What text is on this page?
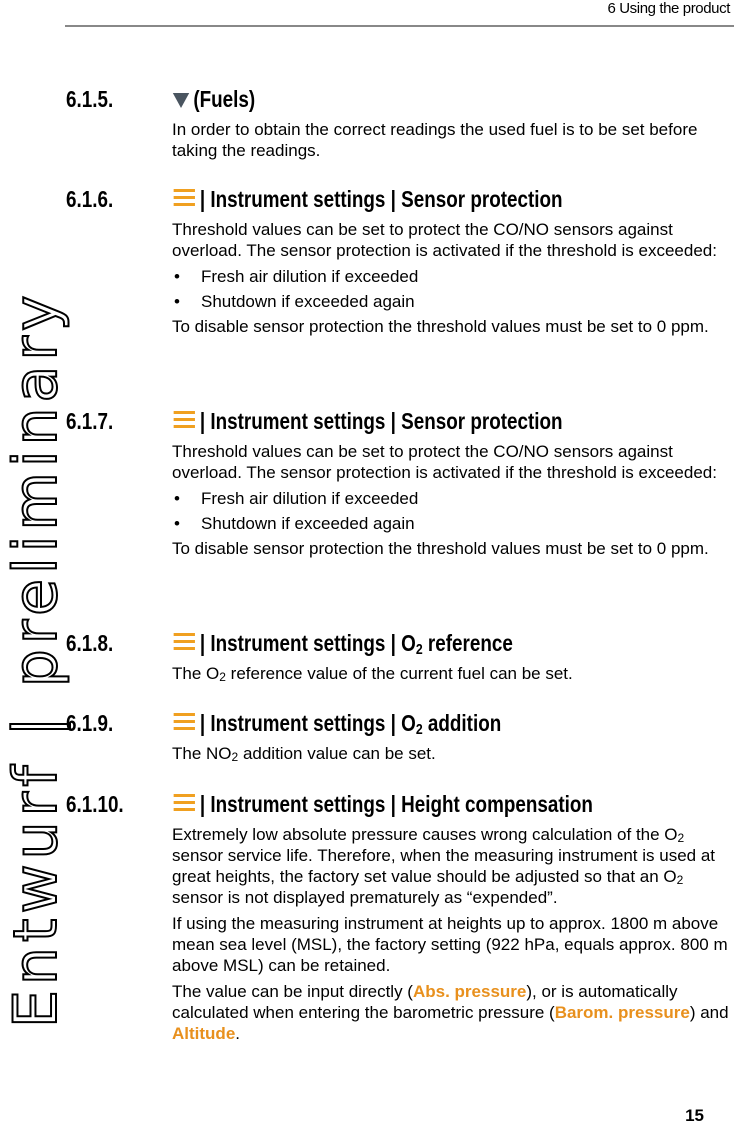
6 Using the product
Entwurf | preliminary
6.1.5.	(Fuels)

In order to obtain the correct readings the used fuel is to be set before taking the readings.

6.1.6.	| Instrument settings | Sensor protection

Threshold values can be set to protect the CO/NO sensors against overload. The sensor protection is activated if the threshold is exceeded:

• Fresh air dilution if exceeded
• Shutdown if exceeded again

To disable sensor protection the threshold values must be set to 0 ppm.

6.1.7.	| Instrument settings | Sensor protection

Threshold values can be set to protect the CO/NO sensors against overload. The sensor protection is activated if the threshold is exceeded:

• Fresh air dilution if exceeded
• Shutdown if exceeded again

To disable sensor protection the threshold values must be set to 0 ppm.

6.1.8.	| Instrument settings | $O_2$ reference

The $O_2$ reference value of the current fuel can be set.

6.1.9.	| Instrument settings | $O_2$ addition

The $NO_2$ addition value can be set.

6.1.10.	| Instrument settings | Height compensation

Extremely low absolute pressure causes wrong calculation of the $O_2$ sensor service life. Therefore, when the measuring instrument is used at great heights, the factory set value should be adjusted so that an $O_2$ sensor is not displayed prematurely as “expended”.

If using the measuring instrument at heights up to approx. 1800 m above mean sea level (MSL), the factory setting (922 hPa, equals approx. 800 m above MSL) can be retained.

The value can be input directly (Abs. pressure), or is automatically calculated when entering the barometric pressure (Barom. pressure) and Altitude.

15
